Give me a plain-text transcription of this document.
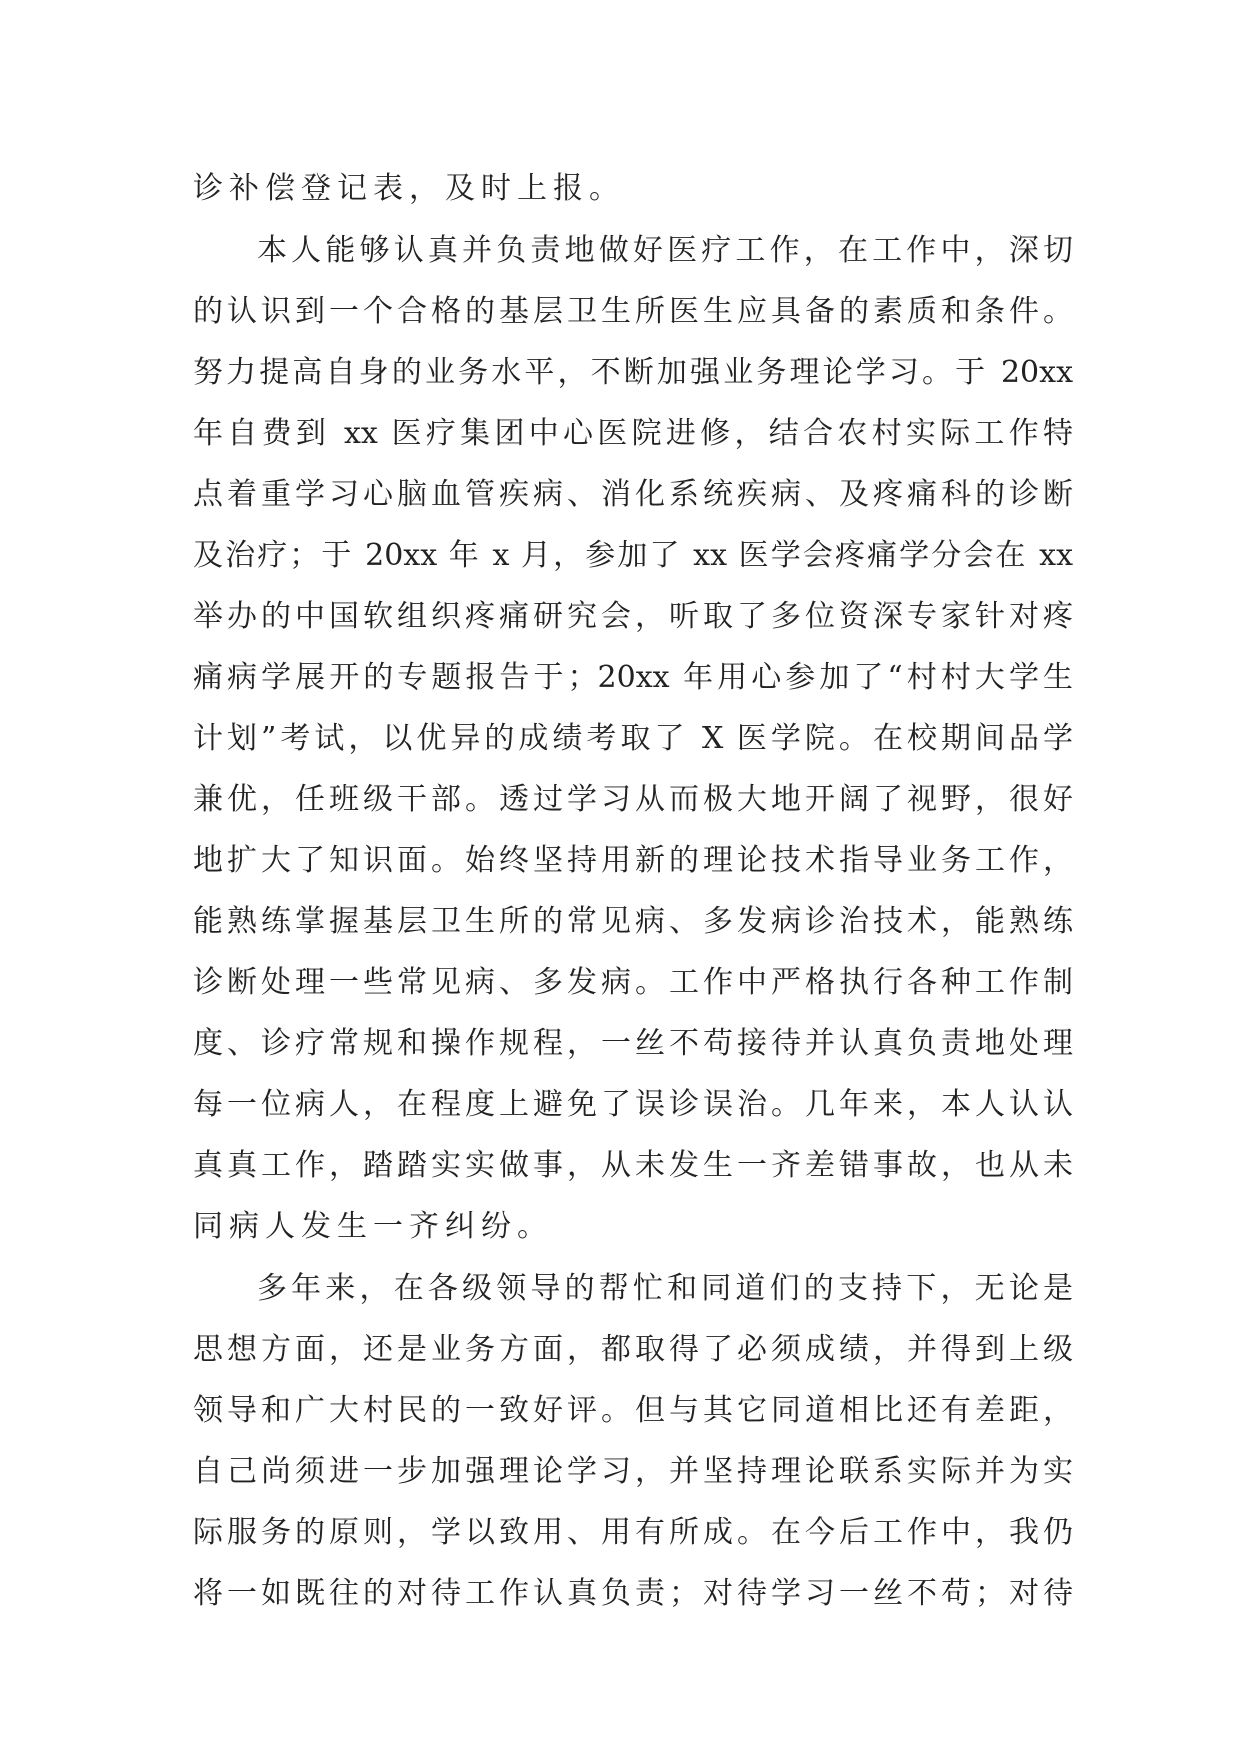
诊补偿登记表，及时上报。
本人能够认真并负责地做好医疗工作，在工作中，深切
的认识到一个合格的基层卫生所医生应具备的素质和条件。
努力提高自身的业务水平，不断加强业务理论学习。于 20xx
年自费到 xx 医疗集团中心医院进修，结合农村实际工作特
点着重学习心脑血管疾病、消化系统疾病、及疼痛科的诊断
及治疗；于 20xx 年 x 月，参加了 xx 医学会疼痛学分会在 xx
举办的中国软组织疼痛研究会，听取了多位资深专家针对疼
痛病学展开的专题报告于；20xx 年用心参加了“村村大学生
计划”考试，以优异的成绩考取了 X 医学院。在校期间品学
兼优，任班级干部。透过学习从而极大地开阔了视野，很好
地扩大了知识面。始终坚持用新的理论技术指导业务工作，
能熟练掌握基层卫生所的常见病、多发病诊治技术，能熟练
诊断处理一些常见病、多发病。工作中严格执行各种工作制
度、诊疗常规和操作规程，一丝不苟接待并认真负责地处理
每一位病人，在程度上避免了误诊误治。几年来，本人认认
真真工作，踏踏实实做事，从未发生一齐差错事故，也从未
同病人发生一齐纠纷。
多年来，在各级领导的帮忙和同道们的支持下，无论是
思想方面，还是业务方面，都取得了必须成绩，并得到上级
领导和广大村民的一致好评。但与其它同道相比还有差距，
自己尚须进一步加强理论学习，并坚持理论联系实际并为实
际服务的原则，学以致用、用有所成。在今后工作中，我仍
将一如既往的对待工作认真负责；对待学习一丝不苟；对待
